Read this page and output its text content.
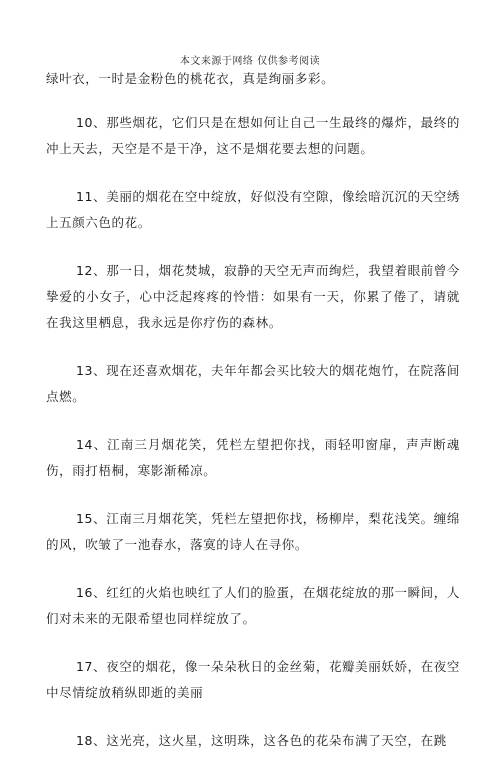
本文来源于网络 仅供参考阅读

绿叶衣，一时是金粉色的桃花衣，真是绚丽多彩。

10、那些烟花，它们只是在想如何让自己一生最终的爆炸，最终的冲上天去，天空是不是干净，这不是烟花要去想的问题。

11、美丽的烟花在空中绽放，好似没有空隙，像绘暗沉沉的天空绣上五颜六色的花。

12、那一日，烟花焚城，寂静的天空无声而绚烂，我望着眼前曾今挚爱的小女子，心中泛起疼疼的怜惜：如果有一天，你累了倦了，请就在我这里栖息，我永远是你疗伤的森林。

13、现在还喜欢烟花，夫年年都会买比较大的烟花炮竹，在院落间点燃。

14、江南三月烟花笑，凭栏左望把你找，雨轻叩窗扉，声声断魂伤，雨打梧桐，寒影渐稀凉。

15、江南三月烟花笑，凭栏左望把你找，杨柳岸，梨花浅笑。缠绵的风，吹皱了一池春水，落寞的诗人在寻你。

16、红红的火焰也映红了人们的脸蛋，在烟花绽放的那一瞬间，人们对未来的无限希望也同样绽放了。

17、夜空的烟花，像一朵朵秋日的金丝菊，花瓣美丽妖娇，在夜空中尽情绽放稍纵即逝的美丽

18、这光亮，这火星，这明珠，这各色的花朵布满了天空，在跳
